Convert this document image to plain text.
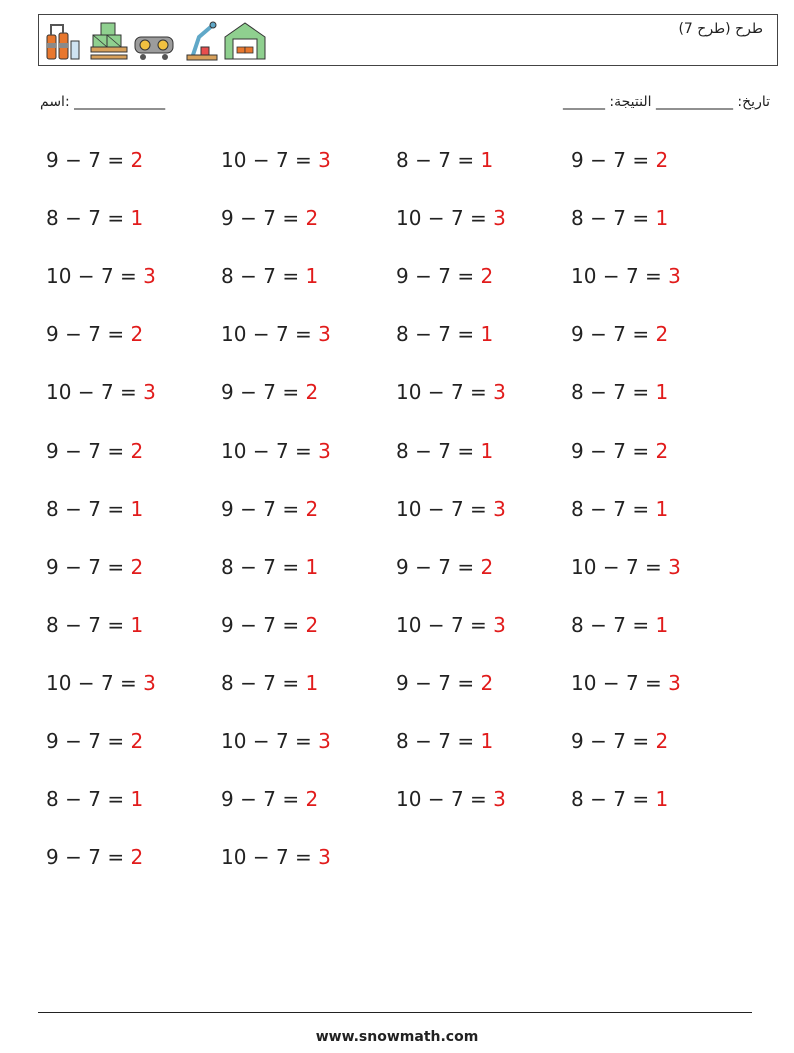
طرح (طرح 7)
اسم: _____________	______ :تاريخ: ___________ النتيجة
9 − 7 = 2	10 − 7 = 3	8 − 7 = 1	9 − 7 = 2
8 − 7 = 1	9 − 7 = 2	10 − 7 = 3	8 − 7 = 1
10 − 7 = 3	8 − 7 = 1	9 − 7 = 2	10 − 7 = 3
9 − 7 = 2	10 − 7 = 3	8 − 7 = 1	9 − 7 = 2
10 − 7 = 3	9 − 7 = 2	10 − 7 = 3	8 − 7 = 1
9 − 7 = 2	10 − 7 = 3	8 − 7 = 1	9 − 7 = 2
8 − 7 = 1	9 − 7 = 2	10 − 7 = 3	8 − 7 = 1
9 − 7 = 2	8 − 7 = 1	9 − 7 = 2	10 − 7 = 3
8 − 7 = 1	9 − 7 = 2	10 − 7 = 3	8 − 7 = 1
10 − 7 = 3	8 − 7 = 1	9 − 7 = 2	10 − 7 = 3
9 − 7 = 2	10 − 7 = 3	8 − 7 = 1	9 − 7 = 2
8 − 7 = 1	9 − 7 = 2	10 − 7 = 3	8 − 7 = 1
9 − 7 = 2	10 − 7 = 3
www.snowmath.com
